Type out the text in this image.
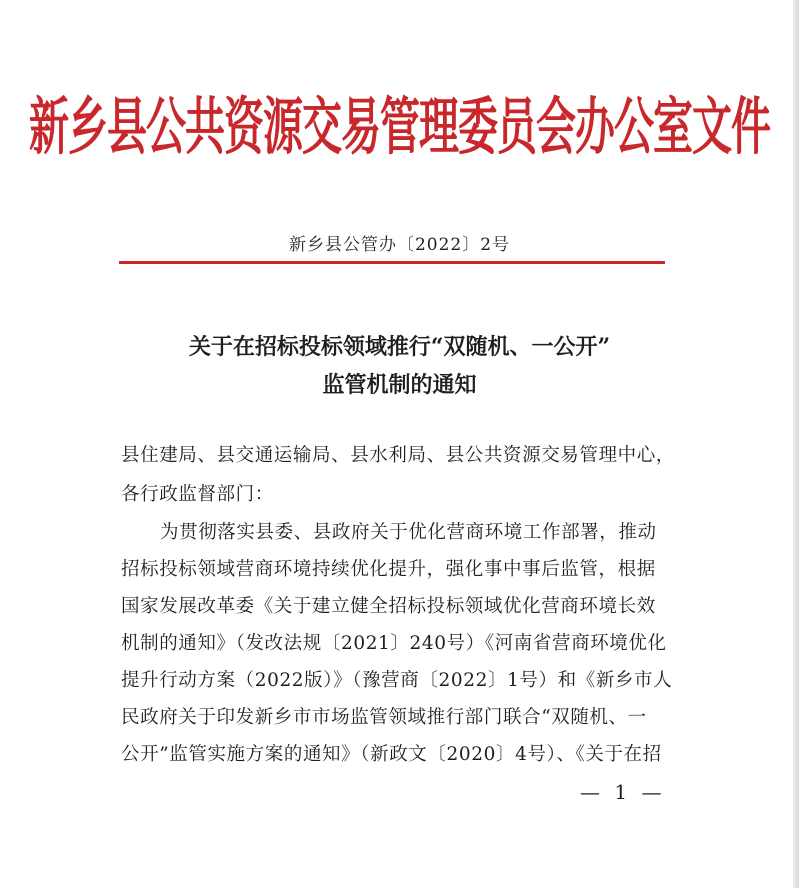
新乡县公共资源交易管理委员会办公室文件
新乡县公管办〔2022〕2号
关于在招标投标领域推行“双随机、一公开”
监管机制的通知
县住建局、县交通运输局、县水利局、县公共资源交易管理中心，
各行政监督部门：
为贯彻落实县委、县政府关于优化营商环境工作部署，推动
招标投标领域营商环境持续优化提升，强化事中事后监管，根据
国家发展改革委《关于建立健全招标投标领域优化营商环境长效
机制的通知》（发改法规〔2021〕240号）《河南省营商环境优化
提升行动方案（2022版）》（豫营商〔2022〕1号）和《新乡市人
民政府关于印发新乡市市场监管领域推行部门联合“双随机、一
公开”监管实施方案的通知》（新政文〔2020〕4号）、《关于在招
— 1 —
